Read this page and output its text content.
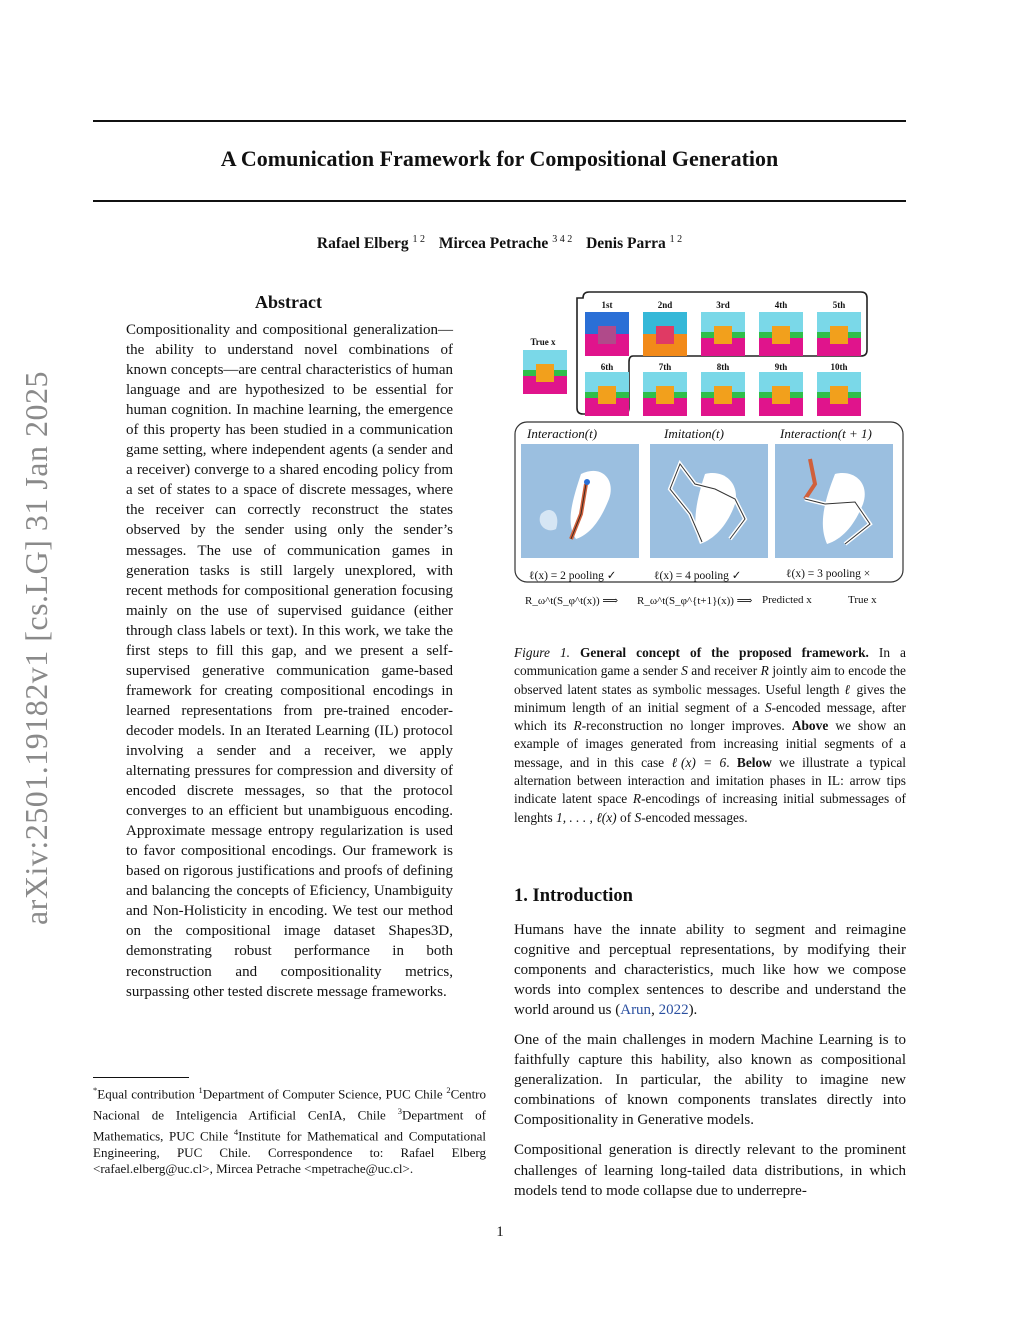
A Comunication Framework for Compositional Generation
Rafael Elberg $^{1 2}$ Mircea Petrache $^{3 4 2}$ Denis Parra $^{1 2}$
arXiv:2501.19182v1 [cs.LG] 31 Jan 2025
Abstract
Compositionality and compositional generalization—the ability to understand novel combinations of known concepts—are central characteristics of human language and are hypothesized to be essential for human cognition. In machine learning, the emergence of this property has been studied in a communication game setting, where independent agents (a sender and a receiver) converge to a shared encoding policy from a set of states to a space of discrete messages, where the receiver can correctly reconstruct the states observed by the sender using only the sender’s messages. The use of communication games in generation tasks is still largely unexplored, with recent methods for compositional generation focusing mainly on the use of supervised guidance (either through class labels or text). In this work, we take the first steps to fill this gap, and we present a self-supervised generative communication game-based framework for creating compositional encodings in learned representations from pre-trained encoder-decoder models. In an Iterated Learning (IL) protocol involving a sender and a receiver, we apply alternating pressures for compression and diversity of encoded discrete messages, so that the protocol converges to an efficient but unambiguous encoding. Approximate message entropy regularization is used to favor compositional encodings. Our framework is based on rigorous justifications and proofs of defining and balancing the concepts of Eficiency, Unambiguity and Non-Holisticity in encoding. We test our method on the compositional image dataset Shapes3D, demonstrating robust performance in both reconstruction and compositionality metrics, surpassing other tested discrete message frameworks.
*Equal contribution $^1$Department of Computer Science, PUC Chile $^2$Centro Nacional de Inteligencia Artificial CenIA, Chile $^3$Department of Mathematics, PUC Chile $^4$Institute for Mathematical and Computational Engineering, PUC Chile. Correspondence to: Rafael Elberg <rafael.elberg@uc.cl>, Mircea Petrache <mpetrache@uc.cl>.
True x
1st	2nd	3rd	4th	5th
6th	7th	8th	9th	10th
Interaction(t)	Imitation(t)	Interaction(t + 1)
ℓ(x) = 2 pooling ✓	ℓ(x) = 4 pooling ✓	ℓ(x) = 3 pooling ×
R_ω^t(S_φ^t(x)) ⟹ R_ω^t(S_φ^{t+1}(x)) ⟹ Predicted x	True x
Figure 1. General concept of the proposed framework. In a communication game a sender S and receiver R jointly aim to encode the observed latent states as symbolic messages. Useful length ℓ gives the minimum length of an initial segment of a S-encoded message, after which its R-reconstruction no longer improves. Above we show an example of images generated from increasing initial segments of a message, and in this case ℓ(x) = 6. Below we illustrate a typical alternation between interaction and imitation phases in IL: arrow tips indicate latent space R-encodings of increasing initial submessages of lenghts 1, . . . , ℓ(x) of S-encoded messages.
1. Introduction

Humans have the innate ability to segment and reimagine cognitive and perceptual representations, by modifying their components and characteristics, much like how we compose words into complex sentences to describe and understand the world around us (Arun, 2022).

One of the main challenges in modern Machine Learning is to faithfully capture this hability, also known as compositional generalization. In particular, the ability to imagine new combinations of known components translates directly into Compositionality in Generative models.

Compositional generation is directly relevant to the prominent challenges of learning long-tailed data distributions, in which models tend to mode collapse due to underrepre-

1
